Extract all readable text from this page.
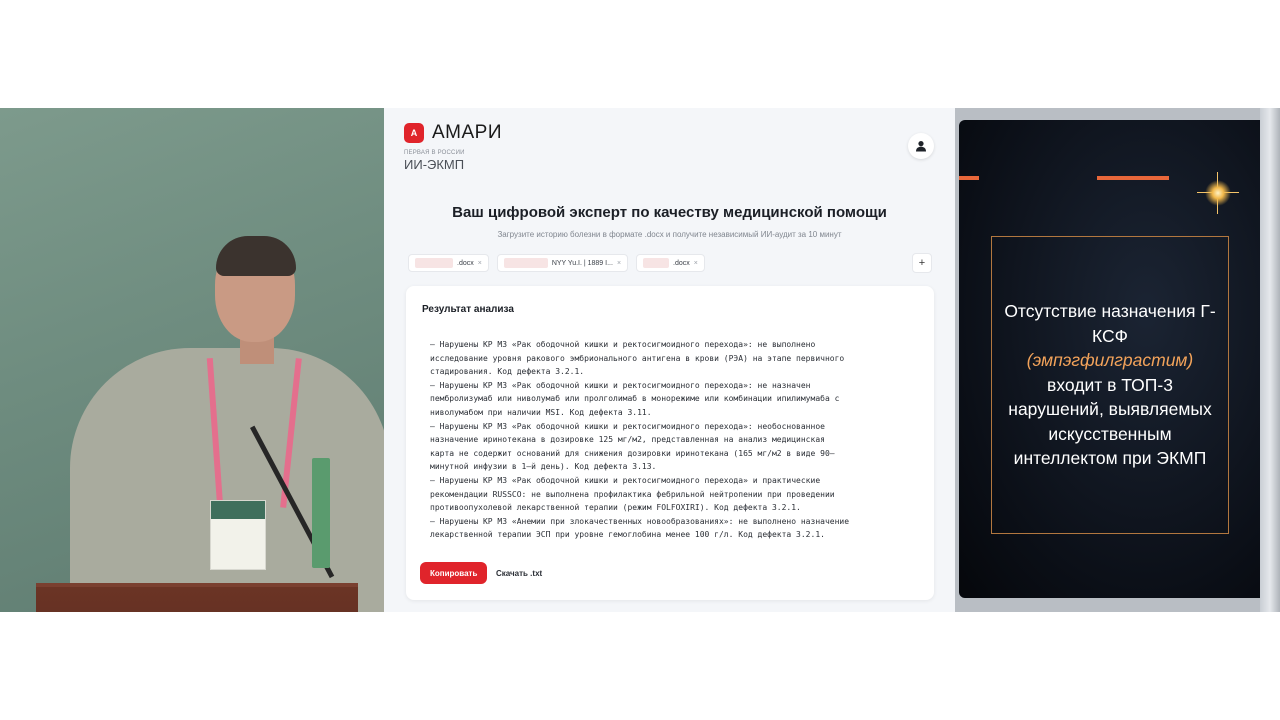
A АМАРИ
ПЕРВАЯ В РОССИИ
ИИ-ЭКМП
Ваш цифровой эксперт по качеству медицинской помощи
Загрузите историю болезни в формате .docx и получите независимый ИИ-аудит за 10 минут
.docx ×	NYY Yu.I. | 1889 I... ×	.docx ×	+
Результат анализа
– Нарушены КР МЗ «Рак ободочной кишки и ректосигмоидного перехода»: не выполнено
исследование уровня ракового эмбрионального антигена в крови (РЭА) на этапе первичного
стадирования. Код дефекта 3.2.1.
– Нарушены КР МЗ «Рак ободочной кишки и ректосигмоидного перехода»: не назначен
пембролизумаб или ниволумаб или пролголимаб в монорежиме или комбинации ипилимумаба с
ниволумабом при наличии MSI. Код дефекта 3.11.
– Нарушены КР МЗ «Рак ободочной кишки и ректосигмоидного перехода»: необоснованное
назначение иринотекана в дозировке 125 мг/м2, представленная на анализ медицинская
карта не содержит оснований для снижения дозировки иринотекана (165 мг/м2 в виде 90–
минутной инфузии в 1–й день). Код дефекта 3.13.
– Нарушены КР МЗ «Рак ободочной кишки и ректосигмоидного перехода» и практические
рекомендации RUSSCO: не выполнена профилактика фебрильной нейтропении при проведении
противоопухолевой лекарственной терапии (режим FOLFOXIRI). Код дефекта 3.2.1.
– Нарушены КР МЗ «Анемии при злокачественных новообразованиях»: не выполнено назначение
лекарственной терапии ЭСП при уровне гемоглобина менее 100 г/л. Код дефекта 3.2.1.
Копировать	Скачать .txt
Отсутствие назначения Г-КСФ
(эмпэгфилграстим)
входит в ТОП-3 нарушений, выявляемых искусственным интеллектом при ЭКМП
